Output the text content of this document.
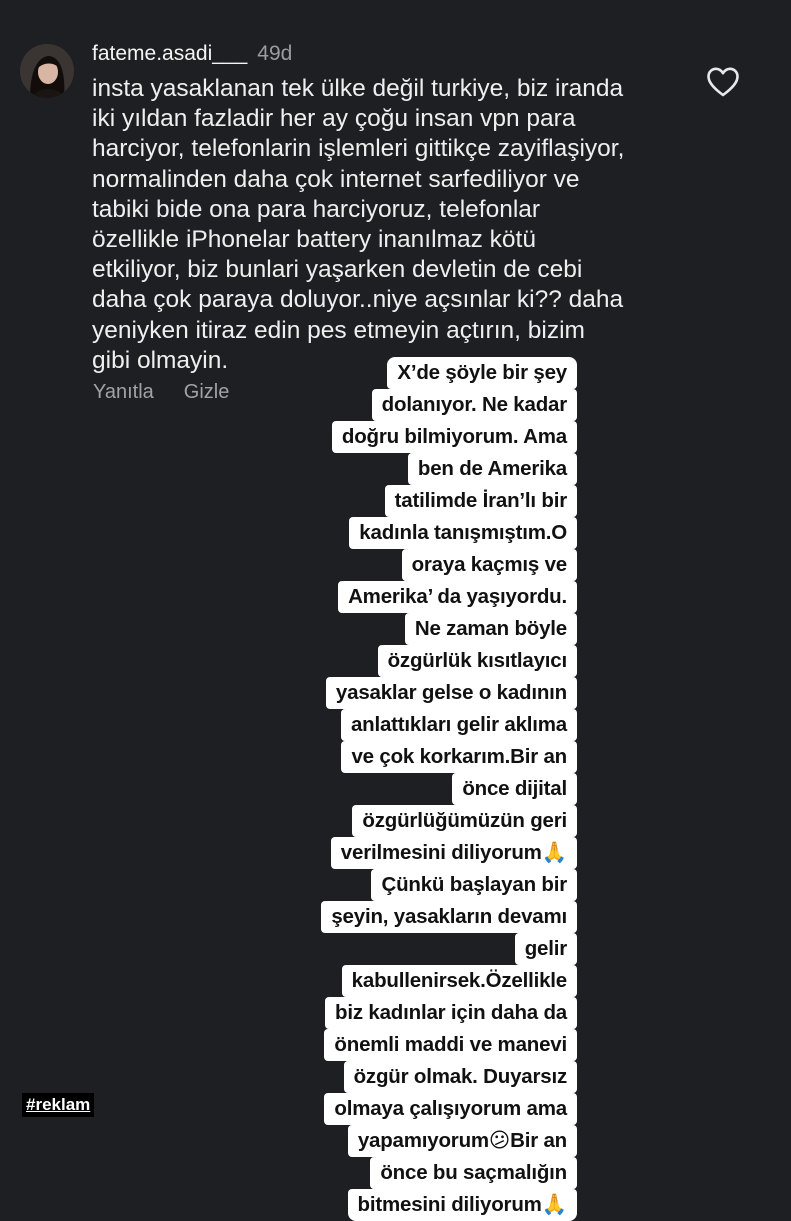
fateme.asadi___ 49d
insta yasaklanan tek ülke değil turkiye, biz iranda
iki yıldan fazladir her ay çoğu insan vpn para
harciyor, telefonlarin işlemleri gittikçe zayiflaşiyor,
normalinden daha çok internet sarfediliyor ve
tabiki bide ona para harciyoruz, telefonlar
özellikle iPhonelar battery inanılmaz kötü
etkiliyor, biz bunlari yaşarken devletin de cebi
daha çok paraya doluyor..niye açsınlar ki?? daha
yeniyken itiraz edin pes etmeyin açtırın, bizim
gibi olmayin.
Yanıtla Gizle
X’de şöyle bir şey
dolanıyor. Ne kadar
doğru bilmiyorum. Ama
ben de Amerika
tatilimde İran’lı bir
kadınla tanışmıştım.O
oraya kaçmış ve
Amerika’ da yaşıyordu.
Ne zaman böyle
özgürlük kısıtlayıcı
yasaklar gelse o kadının
anlattıkları gelir aklıma
ve çok korkarım.Bir an
önce dijital
özgürlüğümüzün geri
verilmesini diliyorum🙏
Çünkü başlayan bir
şeyin, yasakların devamı
gelir
kabullenirsek.Özellikle
biz kadınlar için daha da
önemli maddi ve manevi
özgür olmak. Duyarsız
olmaya çalışıyorum ama
yapamıyorum😕Bir an
önce bu saçmalığın
bitmesini diliyorum🙏
#reklam
